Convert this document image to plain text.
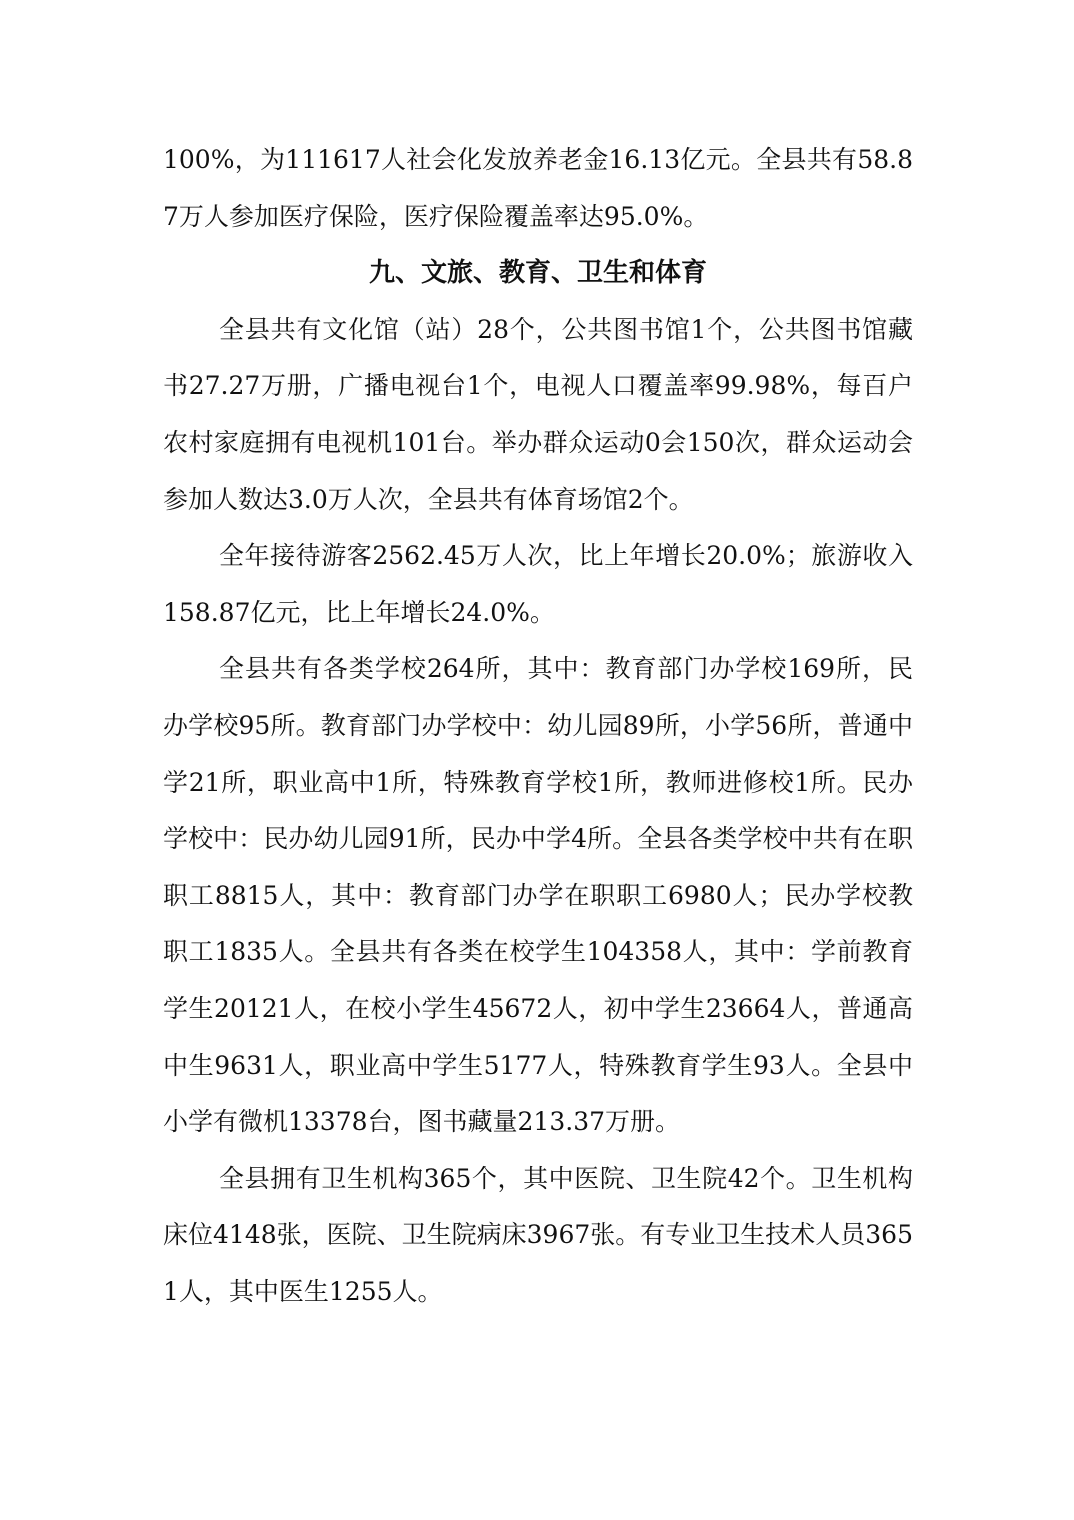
100%，为111617人社会化发放养老金16.13亿元。全县共有58.87万人参加医疗保险，医疗保险覆盖率达95.0%。

九、文旅、教育、卫生和体育

全县共有文化馆（站）28个，公共图书馆1个，公共图书馆藏书27.27万册，广播电视台1个，电视人口覆盖率99.98%，每百户农村家庭拥有电视机101台。举办群众运动0会150次，群众运动会参加人数达3.0万人次，全县共有体育场馆2个。

全年接待游客2562.45万人次，比上年增长20.0%；旅游收入158.87亿元，比上年增长24.0%。

全县共有各类学校264所，其中：教育部门办学校169所，民办学校95所。教育部门办学校中：幼儿园89所，小学56所，普通中学21所，职业高中1所，特殊教育学校1所，教师进修校1所。民办学校中：民办幼儿园91所，民办中学4所。全县各类学校中共有在职职工8815人，其中：教育部门办学在职职工6980人；民办学校教职工1835人。全县共有各类在校学生104358人，其中：学前教育学生20121人，在校小学生45672人，初中学生23664人，普通高中生9631人，职业高中学生5177人，特殊教育学生93人。全县中小学有微机13378台，图书藏量213.37万册。

全县拥有卫生机构365个，其中医院、卫生院42个。卫生机构床位4148张，医院、卫生院病床3967张。有专业卫生技术人员3651人，其中医生1255人。
